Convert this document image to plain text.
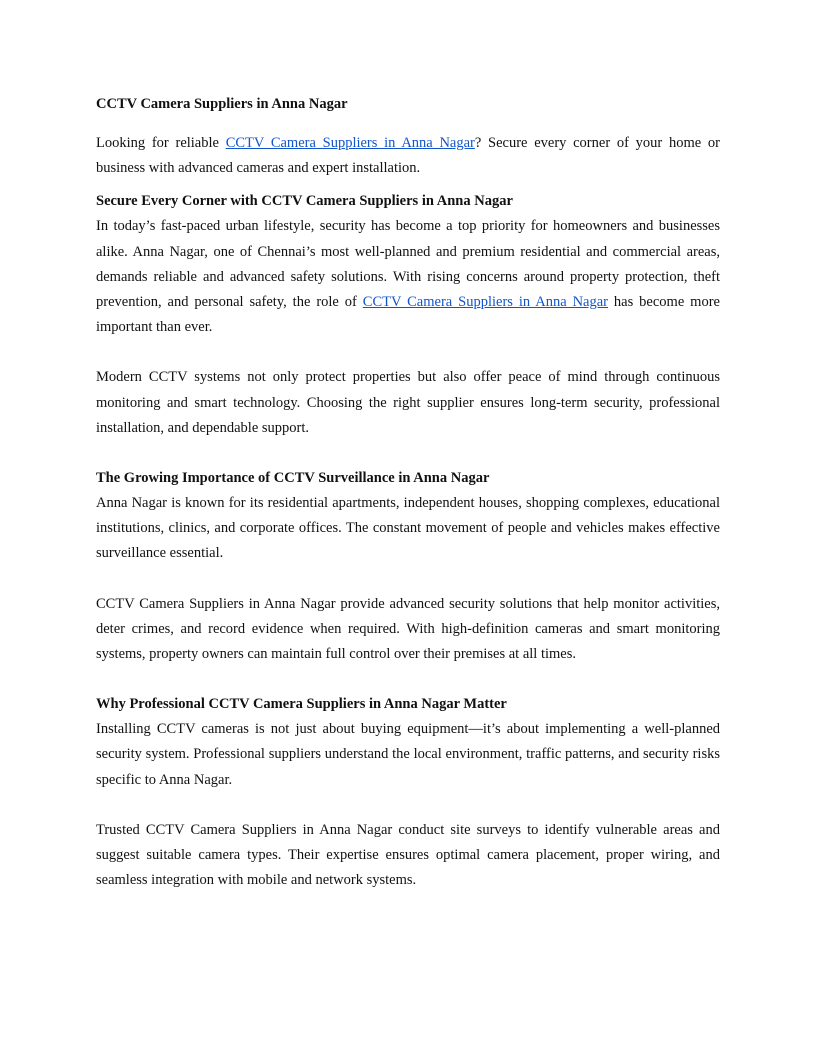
CCTV Camera Suppliers in Anna Nagar

Looking for reliable CCTV Camera Suppliers in Anna Nagar? Secure every corner of your home or business with advanced cameras and expert installation.

Secure Every Corner with CCTV Camera Suppliers in Anna Nagar

In today’s fast-paced urban lifestyle, security has become a top priority for homeowners and businesses alike. Anna Nagar, one of Chennai’s most well-planned and premium residential and commercial areas, demands reliable and advanced safety solutions. With rising concerns around property protection, theft prevention, and personal safety, the role of CCTV Camera Suppliers in Anna Nagar has become more important than ever.

Modern CCTV systems not only protect properties but also offer peace of mind through continuous monitoring and smart technology. Choosing the right supplier ensures long-term security, professional installation, and dependable support.

The Growing Importance of CCTV Surveillance in Anna Nagar

Anna Nagar is known for its residential apartments, independent houses, shopping complexes, educational institutions, clinics, and corporate offices. The constant movement of people and vehicles makes effective surveillance essential.

CCTV Camera Suppliers in Anna Nagar provide advanced security solutions that help monitor activities, deter crimes, and record evidence when required. With high-definition cameras and smart monitoring systems, property owners can maintain full control over their premises at all times.

Why Professional CCTV Camera Suppliers in Anna Nagar Matter

Installing CCTV cameras is not just about buying equipment—it’s about implementing a well-planned security system. Professional suppliers understand the local environment, traffic patterns, and security risks specific to Anna Nagar.

Trusted CCTV Camera Suppliers in Anna Nagar conduct site surveys to identify vulnerable areas and suggest suitable camera types. Their expertise ensures optimal camera placement, proper wiring, and seamless integration with mobile and network systems.
